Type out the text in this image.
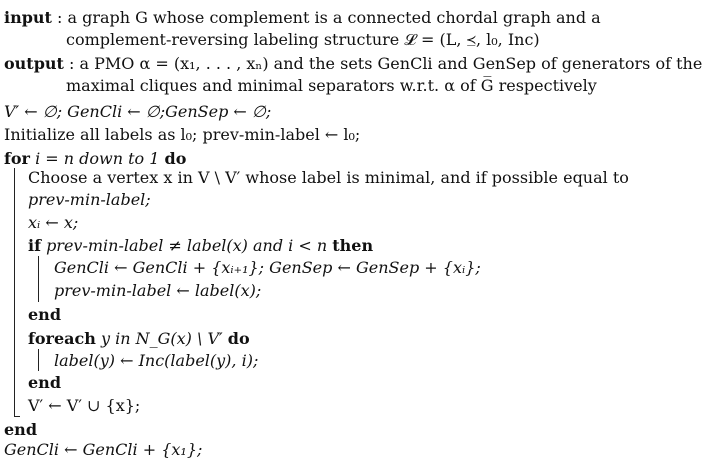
input : a graph G whose complement is a connected chordal graph and a
complement-reversing labeling structure 𝓛 = (L, ⪯, l₀, Inc)
output : a PMO α = (x₁, . . . , xₙ) and the sets GenCli and GenSep of generators of the
maximal cliques and minimal separators w.r.t. α of G̅ respectively
V′ ← ∅; GenCli ← ∅;GenSep ← ∅;
Initialize all labels as l₀; prev-min-label ← l₀;
for i = n down to 1 do
Choose a vertex x in V \ V′ whose label is minimal, and if possible equal to
prev-min-label;
xᵢ ← x;
if prev-min-label ≠ label(x) and i < n then
GenCli ← GenCli + {xᵢ₊₁}; GenSep ← GenSep + {xᵢ};
prev-min-label ← label(x);
end
foreach y in N_G(x) \ V′ do
label(y) ← Inc(label(y), i);
end
V′ ← V′ ∪ {x};
end
GenCli ← GenCli + {x₁};
